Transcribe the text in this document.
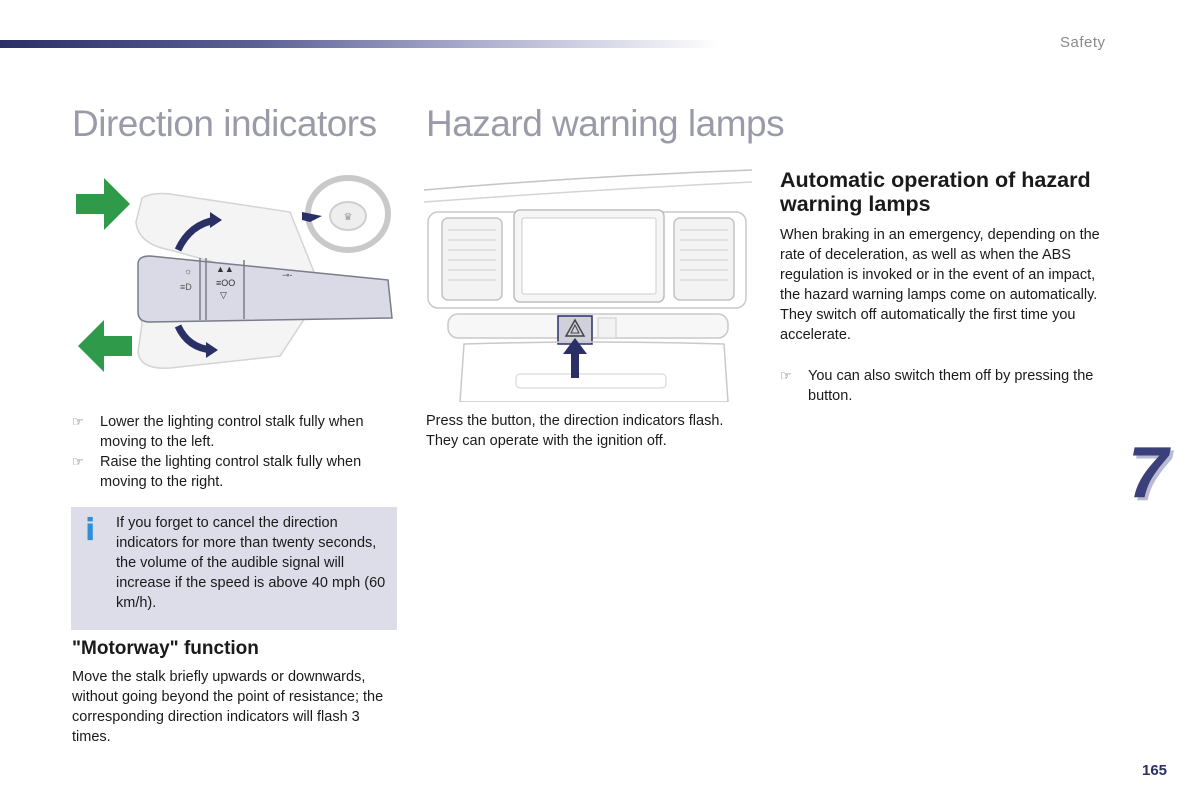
Safety
Direction indicators Hazard warning lamps
♛
☼
≡D
▲▲
≡OO
▽
⊸-
☞ Lower the lighting control stalk fully when moving to the left.
☞ Raise the lighting control stalk fully when moving to the right.
i If you forget to cancel the direction indicators for more than twenty seconds, the volume of the audible signal will increase if the speed is above 40 mph (60 km/h).
"Motorway" function

Move the stalk briefly upwards or downwards, without going beyond the point of resistance; the corresponding direction indicators will flash 3 times.

Press the button, the direction indicators flash. They can operate with the ignition off.

Automatic operation of hazard warning lamps

When braking in an emergency, depending on the rate of deceleration, as well as when the ABS regulation is invoked or in the event of an impact, the hazard warning lamps come on automatically. They switch off automatically the first time you accelerate.

☞ You can also switch them off by pressing the button.
7
165
